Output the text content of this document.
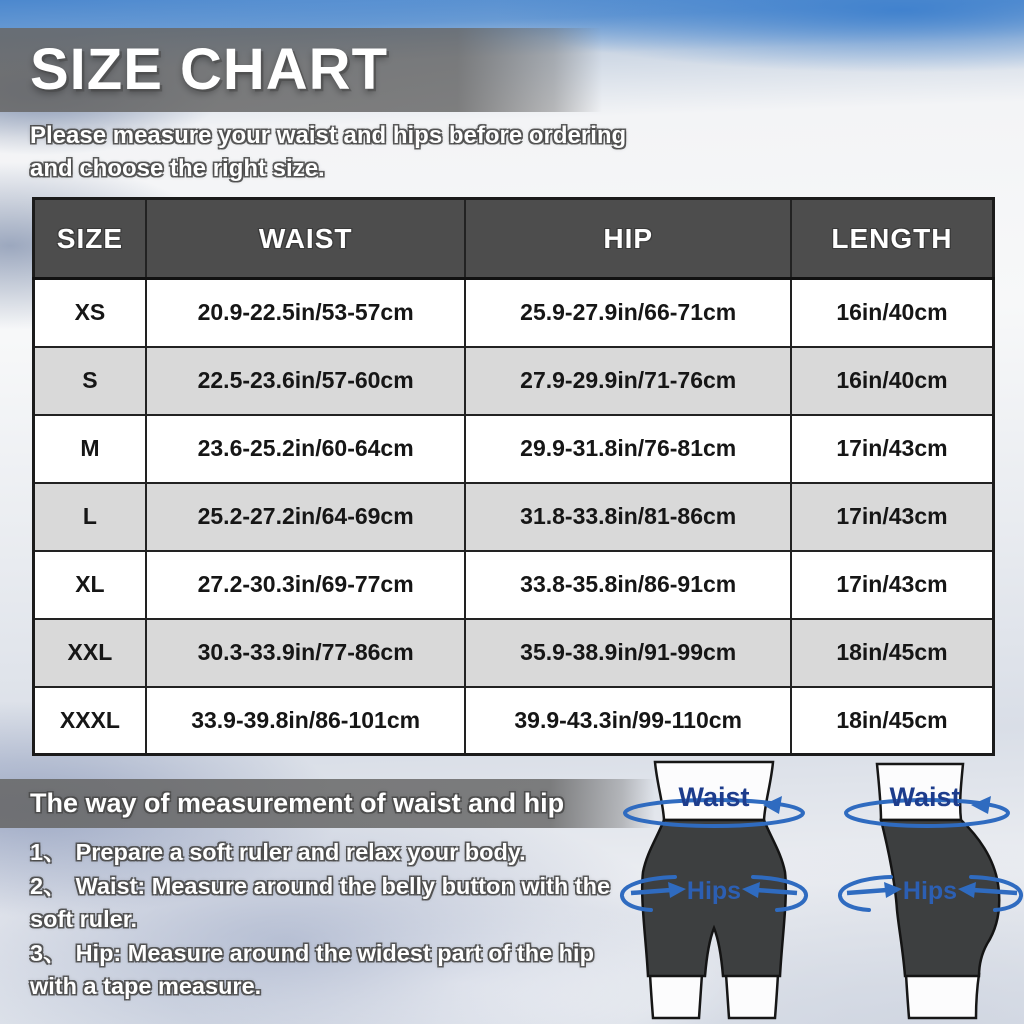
SIZE CHART
Please measure your waist and hips before ordering
and choose the right size.
SIZE	WAIST	HIP	LENGTH
XS	20.9-22.5in/53-57cm	25.9-27.9in/66-71cm	16in/40cm
S	22.5-23.6in/57-60cm	27.9-29.9in/71-76cm	16in/40cm
M	23.6-25.2in/60-64cm	29.9-31.8in/76-81cm	17in/43cm
L	25.2-27.2in/64-69cm	31.8-33.8in/81-86cm	17in/43cm
XL	27.2-30.3in/69-77cm	33.8-35.8in/86-91cm	17in/43cm
XXL	30.3-33.9in/77-86cm	35.9-38.9in/91-99cm	18in/45cm
XXXL	33.9-39.8in/86-101cm	39.9-43.3in/99-110cm	18in/45cm
The way of measurement of waist and hip
1、 Prepare a soft ruler and relax your body.
2、 Waist: Measure around the belly button with the soft ruler.
3、 Hip: Measure around the widest part of the hip with a tape measure.
Waist
Hips
Waist
Hips
